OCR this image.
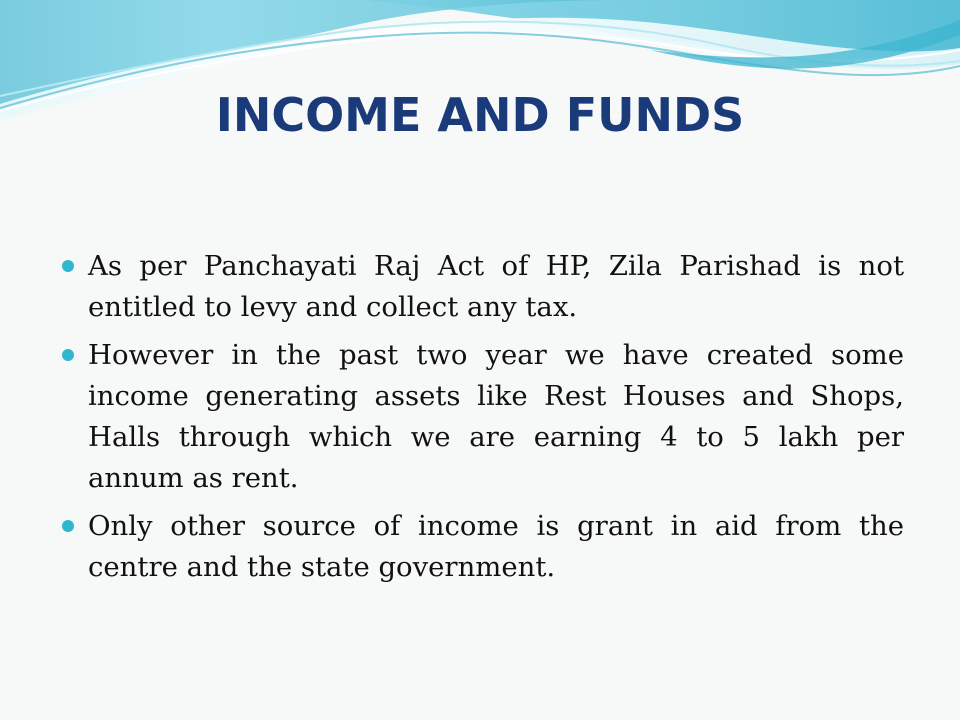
INCOME AND FUNDS
As per Panchayati Raj Act of HP, Zila Parishad is not entitled to levy and collect any tax.
However in the past two year we have created some income generating assets like Rest Houses and Shops, Halls through which we are earning 4 to 5 lakh per annum as rent.
Only other source of income is grant in aid from the centre and the state government.
